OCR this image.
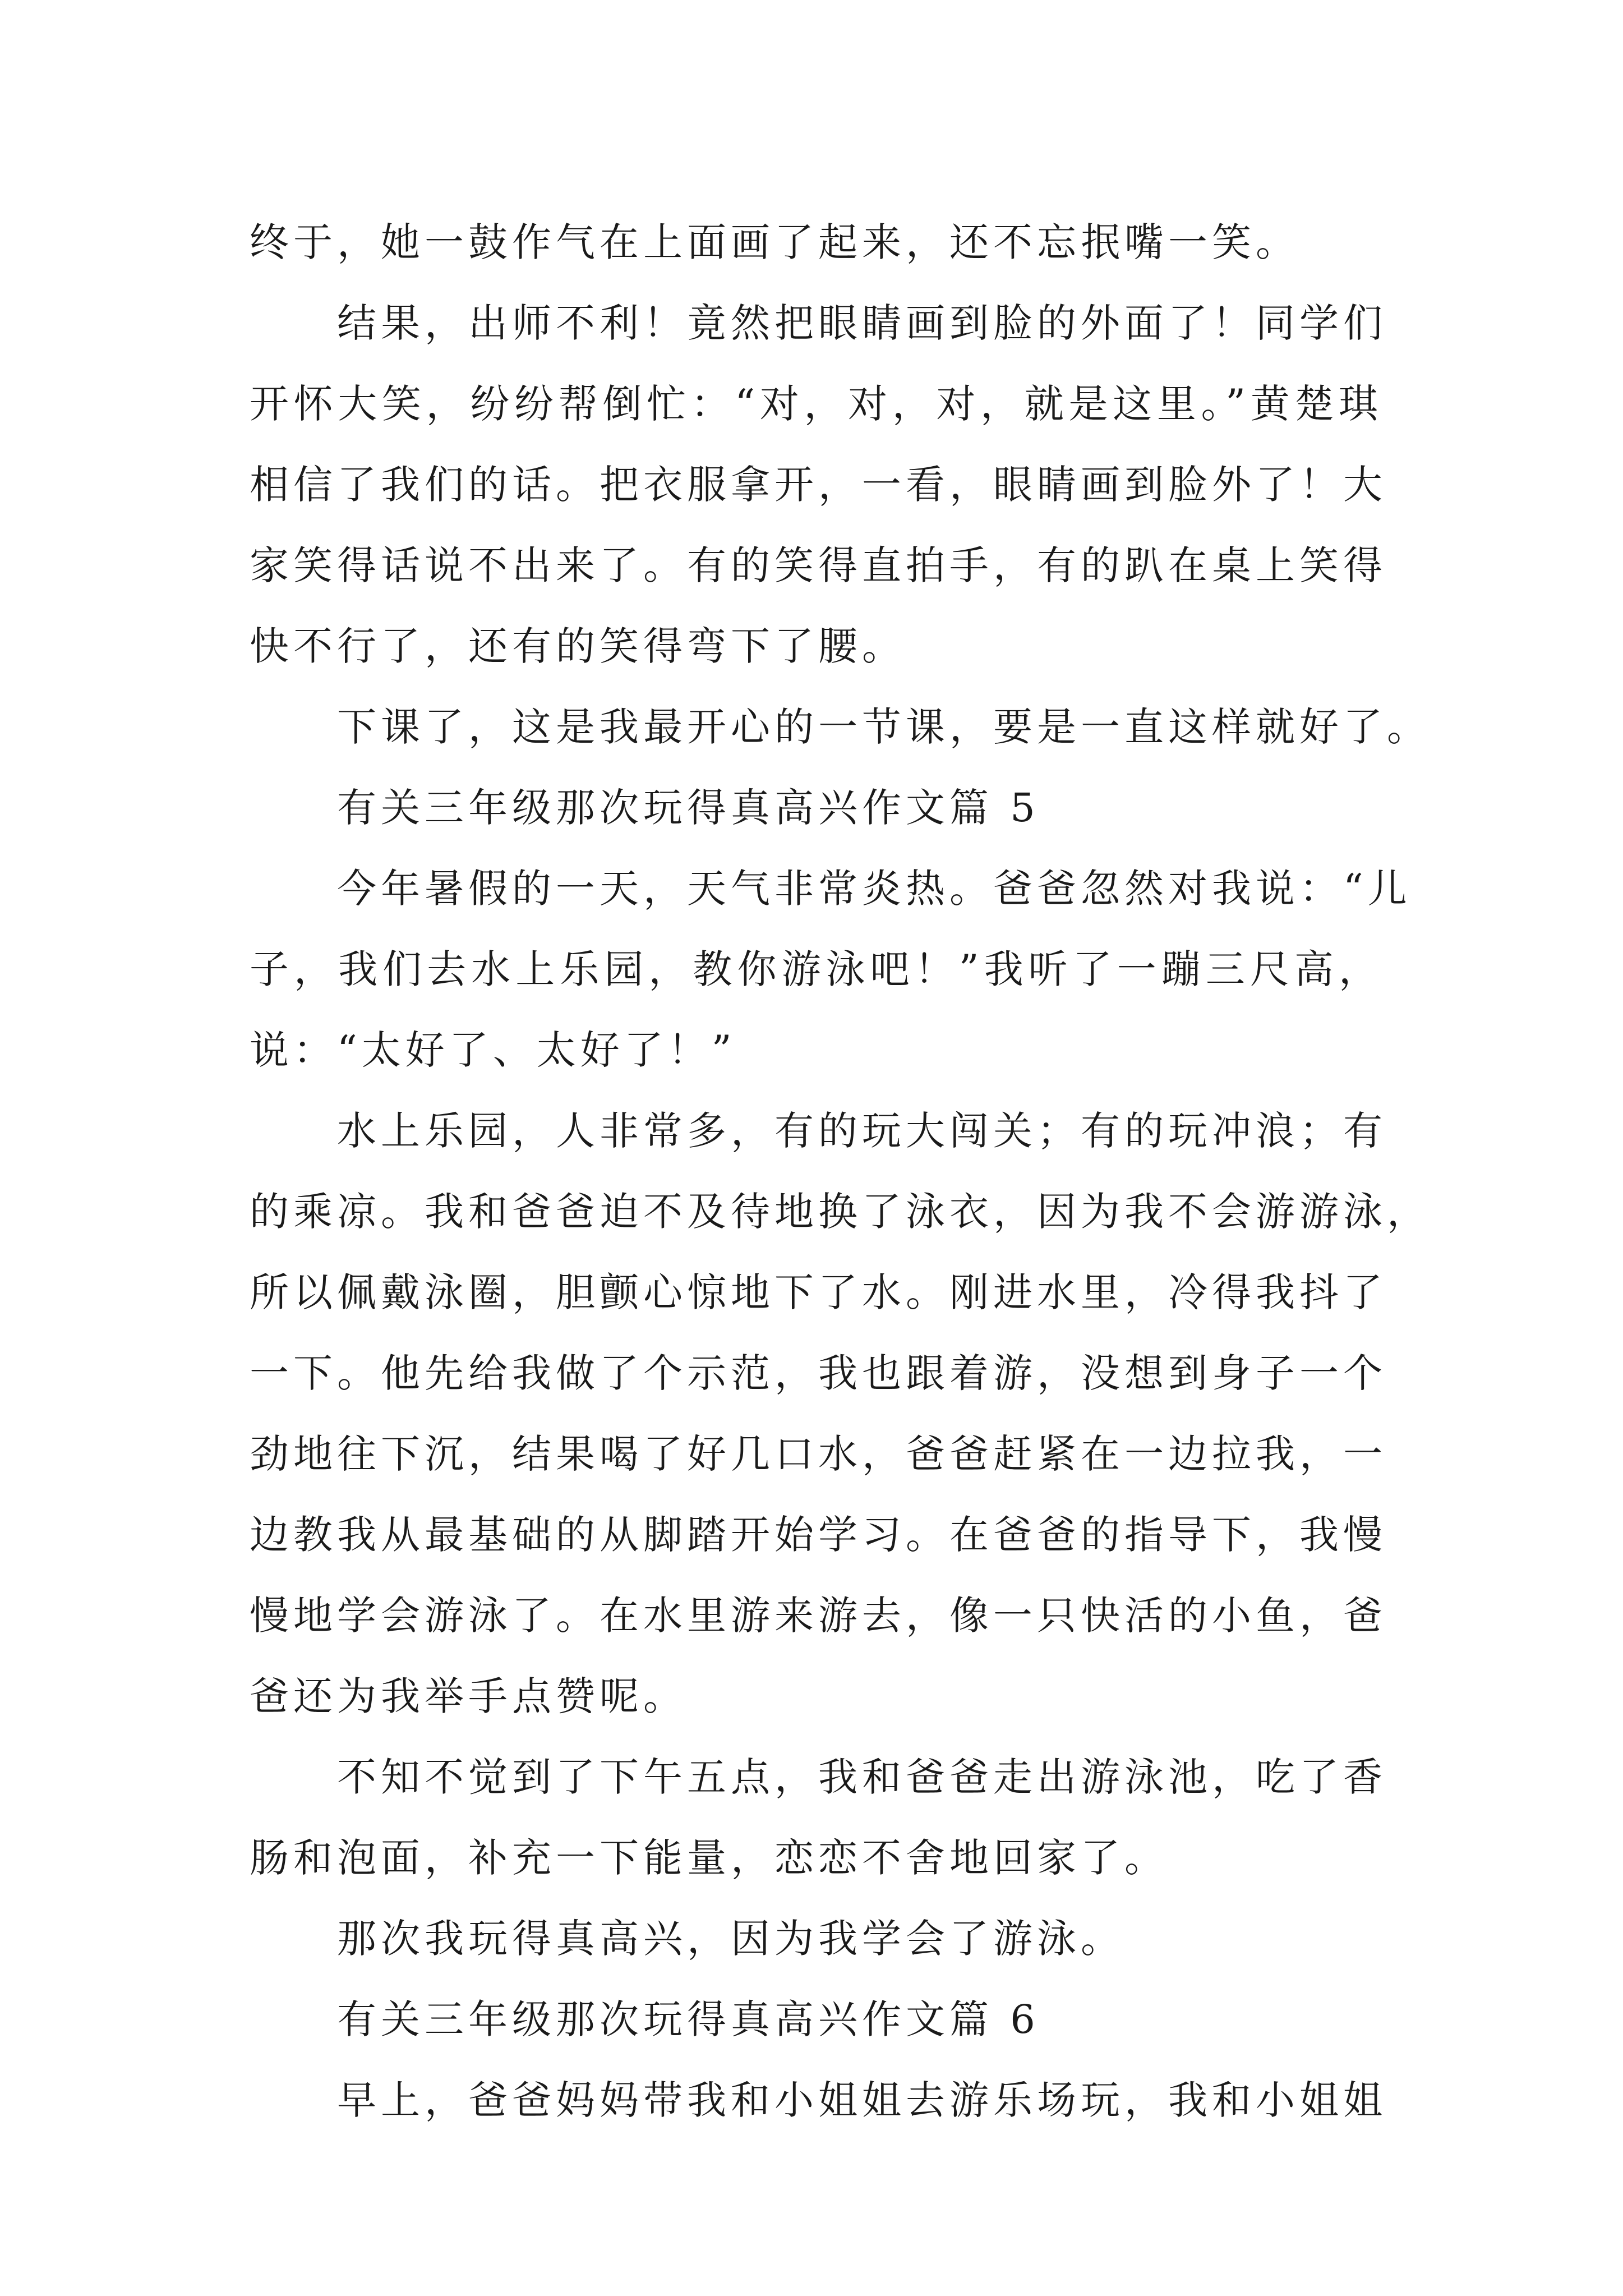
终于，她一鼓作气在上面画了起来，还不忘抿嘴一笑。
结果，出师不利！竟然把眼睛画到脸的外面了！同学们
开怀大笑，纷纷帮倒忙：“对，对，对，就是这里。”黄楚琪
相信了我们的话。把衣服拿开，一看，眼睛画到脸外了！大
家笑得话说不出来了。有的笑得直拍手，有的趴在桌上笑得
快不行了，还有的笑得弯下了腰。
下课了，这是我最开心的一节课，要是一直这样就好了。
有关三年级那次玩得真高兴作文篇 5
今年暑假的一天，天气非常炎热。爸爸忽然对我说：“儿
子，我们去水上乐园，教你游泳吧！”我听了一蹦三尺高，
说：“太好了、太好了！”
水上乐园，人非常多，有的玩大闯关；有的玩冲浪；有
的乘凉。我和爸爸迫不及待地换了泳衣，因为我不会游游泳，
所以佩戴泳圈，胆颤心惊地下了水。刚进水里，冷得我抖了
一下。他先给我做了个示范，我也跟着游，没想到身子一个
劲地往下沉，结果喝了好几口水，爸爸赶紧在一边拉我，一
边教我从最基础的从脚踏开始学习。在爸爸的指导下，我慢
慢地学会游泳了。在水里游来游去，像一只快活的小鱼，爸
爸还为我举手点赞呢。
不知不觉到了下午五点，我和爸爸走出游泳池，吃了香
肠和泡面，补充一下能量，恋恋不舍地回家了。
那次我玩得真高兴，因为我学会了游泳。
有关三年级那次玩得真高兴作文篇 6
早上，爸爸妈妈带我和小姐姐去游乐场玩，我和小姐姐
